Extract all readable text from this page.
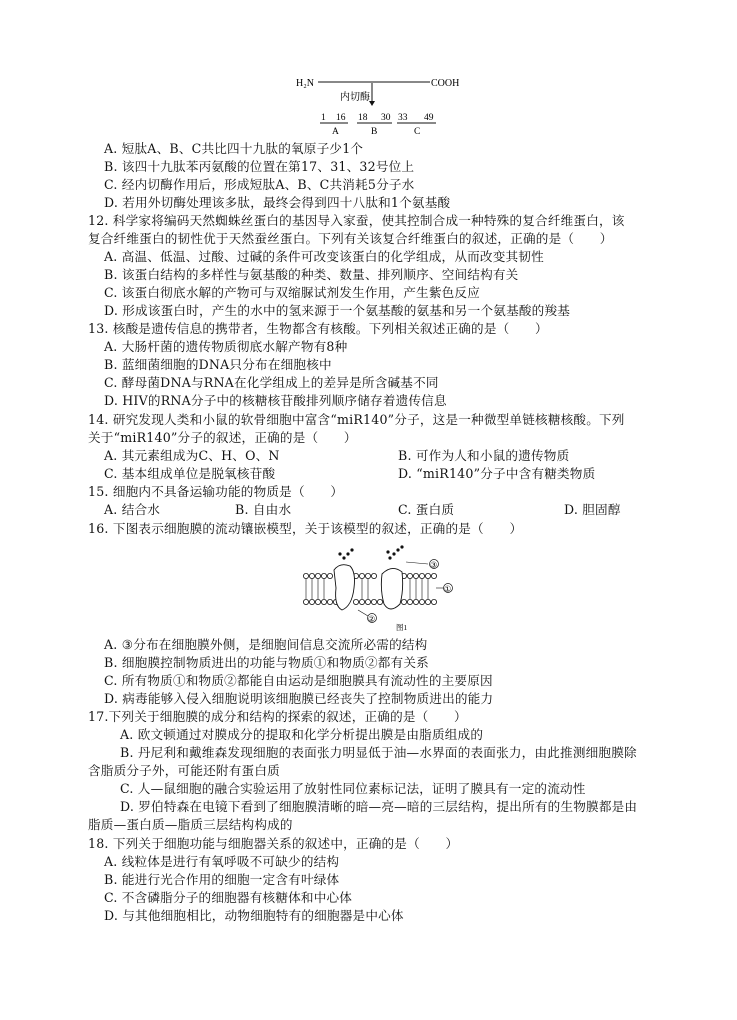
H₂N	COOH
内切酶
1 16 18 30 33 49
A	B	C
A. 短肽A、B、C共比四十九肽的氧原子少1个
B. 该四十九肽苯丙氨酸的位置在第17、31、32号位上
C. 经内切酶作用后，形成短肽A、B、C共消耗5分子水
D. 若用外切酶处理该多肽，最终会得到四十八肽和1个氨基酸
12. 科学家将编码天然蜘蛛丝蛋白的基因导入家蚕，使其控制合成一种特殊的复合纤维蛋白，该
复合纤维蛋白的韧性优于天然蚕丝蛋白。下列有关该复合纤维蛋白的叙述，正确的是（　　）
A. 高温、低温、过酸、过碱的条件可改变该蛋白的化学组成，从而改变其韧性
B. 该蛋白结构的多样性与氨基酸的种类、数量、排列顺序、空间结构有关
C. 该蛋白彻底水解的产物可与双缩脲试剂发生作用，产生紫色反应
D. 形成该蛋白时，产生的水中的氢来源于一个氨基酸的氨基和另一个氨基酸的羧基
13. 核酸是遗传信息的携带者，生物都含有核酸。下列相关叙述正确的是（　　）
A. 大肠杆菌的遗传物质彻底水解产物有8种
B. 蓝细菌细胞的DNA只分布在细胞核中
C. 酵母菌DNA与RNA在化学组成上的差异是所含碱基不同
D. HIV的RNA分子中的核糖核苷酸排列顺序储存着遗传信息
14. 研究发现人类和小鼠的软骨细胞中富含“miR140”分子，这是一种微型单链核糖核酸。下列
关于“miR140”分子的叙述，正确的是（　　）
A. 其元素组成为C、H、O、N	B. 可作为人和小鼠的遗传物质
C. 基本组成单位是脱氧核苷酸	D. “miR140”分子中含有糖类物质
15. 细胞内不具备运输功能的物质是（　　）
A. 结合水	B. 自由水	C. 蛋白质	D. 胆固醇
16. 下图表示细胞膜的流动镶嵌模型，关于该模型的叙述，正确的是（　　）
③
①
②
图1
A. ③分布在细胞膜外侧，是细胞间信息交流所必需的结构
B. 细胞膜控制物质进出的功能与物质①和物质②都有关系
C. 所有物质①和物质②都能自由运动是细胞膜具有流动性的主要原因
D. 病毒能够入侵入细胞说明该细胞膜已经丧失了控制物质进出的能力
17.下列关于细胞膜的成分和结构的探索的叙述，正确的是（　　）
A. 欧文顿通过对膜成分的提取和化学分析提出膜是由脂质组成的
B. 丹尼利和戴维森发现细胞的表面张力明显低于油—水界面的表面张力，由此推测细胞膜除
含脂质分子外，可能还附有蛋白质
C. 人—鼠细胞的融合实验运用了放射性同位素标记法，证明了膜具有一定的流动性
D. 罗伯特森在电镜下看到了细胞膜清晰的暗—亮—暗的三层结构，提出所有的生物膜都是由
脂质—蛋白质—脂质三层结构构成的
18. 下列关于细胞功能与细胞器关系的叙述中，正确的是（　　）
A. 线粒体是进行有氧呼吸不可缺少的结构
B. 能进行光合作用的细胞一定含有叶绿体
C. 不含磷脂分子的细胞器有核糖体和中心体
D. 与其他细胞相比，动物细胞特有的细胞器是中心体
